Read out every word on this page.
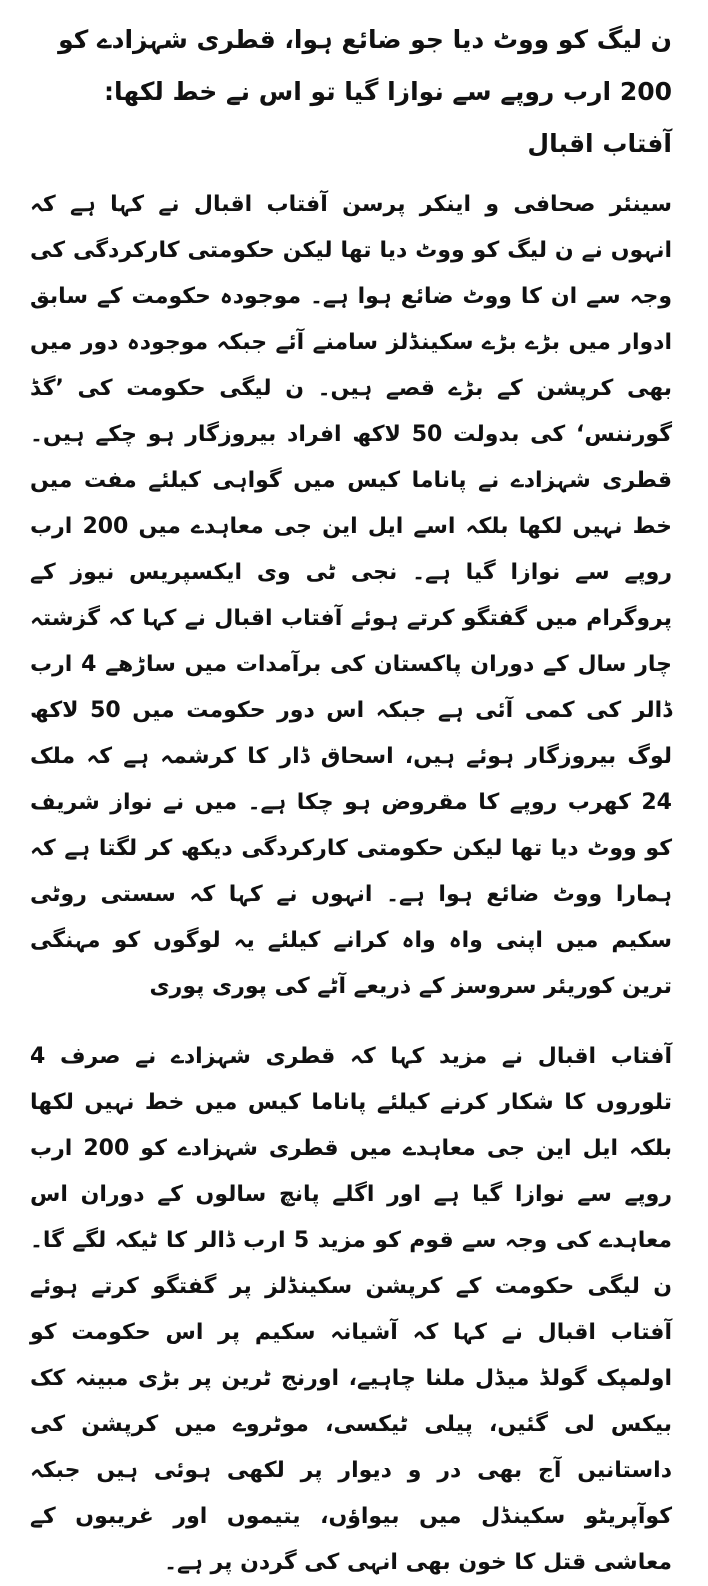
ن لیگ کو ووٹ دیا جو ضائع ہوا، قطری شہزادے کو 200 ارب روپے سے نوازا گیا تو اس نے خط لکھا: آفتاب اقبال

سینئر صحافی و اینکر پرسن آفتاب اقبال نے کہا ہے کہ انہوں نے ن لیگ کو ووٹ دیا تھا لیکن حکومتی کارکردگی کی وجہ سے ان کا ووٹ ضائع ہوا ہے۔ موجودہ حکومت کے سابق ادوار میں بڑے بڑے سکینڈلز سامنے آئے جبکہ موجودہ دور میں بھی کرپشن کے بڑے قصے ہیں۔ ن لیگی حکومت کی ’گڈ گورننس‘ کی بدولت 50 لاکھ افراد بیروزگار ہو چکے ہیں۔ قطری شہزادے نے پاناما کیس میں گواہی کیلئے مفت میں خط نہیں لکھا بلکہ اسے ایل این جی معاہدے میں 200 ارب روپے سے نوازا گیا ہے۔ نجی ٹی وی ایکسپریس نیوز کے پروگرام میں گفتگو کرتے ہوئے آفتاب اقبال نے کہا کہ گزشتہ چار سال کے دوران پاکستان کی برآمدات میں ساڑھے 4 ارب ڈالر کی کمی آئی ہے جبکہ اس دور حکومت میں 50 لاکھ لوگ بیروزگار ہوئے ہیں، اسحاق ڈار کا کرشمہ ہے کہ ملک 24 کھرب روپے کا مقروض ہو چکا ہے۔ میں نے نواز شریف کو ووٹ دیا تھا لیکن حکومتی کارکردگی دیکھ کر لگتا ہے کہ ہمارا ووٹ ضائع ہوا ہے۔ انہوں نے کہا کہ سستی روٹی سکیم میں اپنی واہ واہ کرانے کیلئے یہ لوگوں کو مہنگی ترین کوریئر سروسز کے ذریعے آٹے کی پوری پوری

آفتاب اقبال نے مزید کہا کہ قطری شہزادے نے صرف 4 تلوروں کا شکار کرنے کیلئے پاناما کیس میں خط نہیں لکھا بلکہ ایل این جی معاہدے میں قطری شہزادے کو 200 ارب روپے سے نوازا گیا ہے اور اگلے پانچ سالوں کے دوران اس معاہدے کی وجہ سے قوم کو مزید 5 ارب ڈالر کا ٹیکہ لگے گا۔ ن لیگی حکومت کے کرپشن سکینڈلز پر گفتگو کرتے ہوئے آفتاب اقبال نے کہا کہ آشیانہ سکیم پر اس حکومت کو اولمپک گولڈ میڈل ملنا چاہیے، اورنج ٹرین پر بڑی مبینہ کک بیکس لی گئیں، پیلی ٹیکسی، موٹروے میں کرپشن کی داستانیں آج بھی در و دیوار پر لکھی ہوئی ہیں جبکہ کوآپریٹو سکینڈل میں بیواؤں، یتیموں اور غریبوں کے معاشی قتل کا خون بھی انہی کی گردن پر ہے۔
